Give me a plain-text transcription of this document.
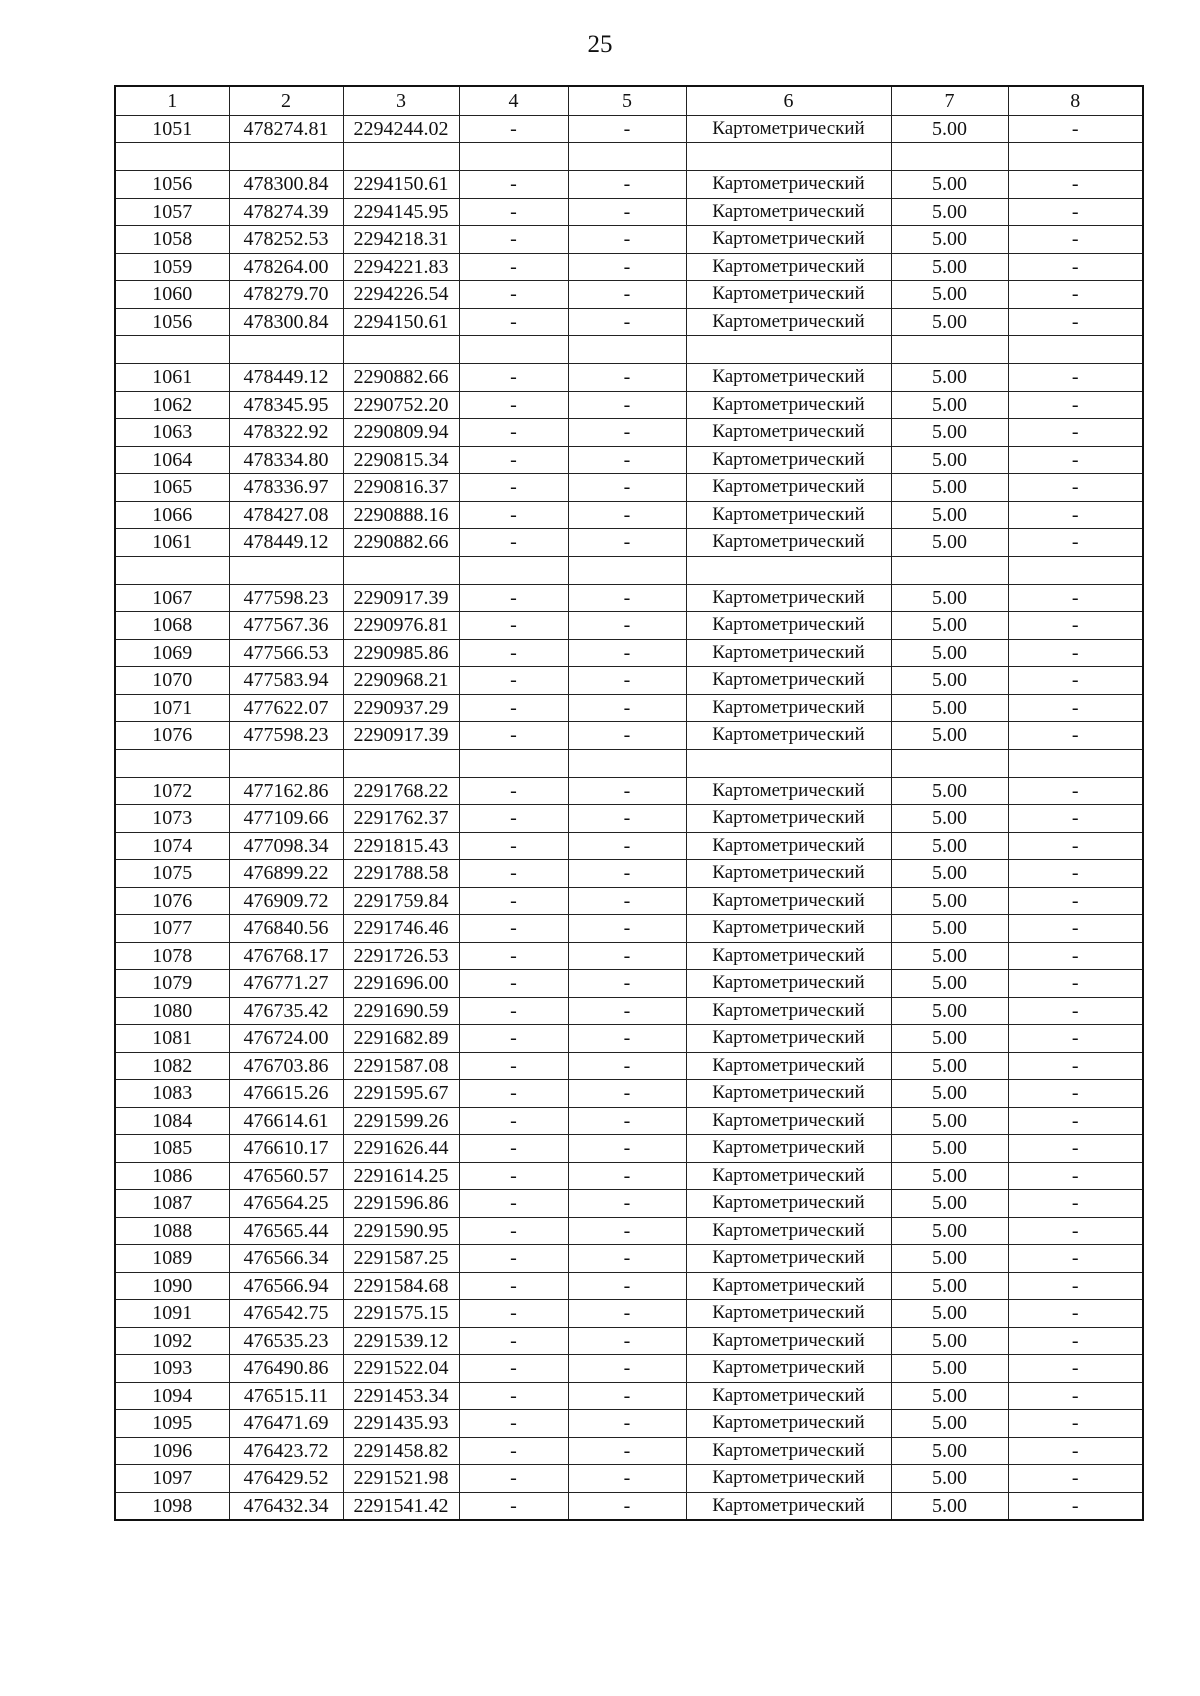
25
1	2	3	4	5	6	7	8
1051	478274.81	2294244.02	-	-	Картометрический	5.00	-

1056	478300.84	2294150.61	-	-	Картометрический	5.00	-
1057	478274.39	2294145.95	-	-	Картометрический	5.00	-
1058	478252.53	2294218.31	-	-	Картометрический	5.00	-
1059	478264.00	2294221.83	-	-	Картометрический	5.00	-
1060	478279.70	2294226.54	-	-	Картометрический	5.00	-
1056	478300.84	2294150.61	-	-	Картометрический	5.00	-

1061	478449.12	2290882.66	-	-	Картометрический	5.00	-
1062	478345.95	2290752.20	-	-	Картометрический	5.00	-
1063	478322.92	2290809.94	-	-	Картометрический	5.00	-
1064	478334.80	2290815.34	-	-	Картометрический	5.00	-
1065	478336.97	2290816.37	-	-	Картометрический	5.00	-
1066	478427.08	2290888.16	-	-	Картометрический	5.00	-
1061	478449.12	2290882.66	-	-	Картометрический	5.00	-

1067	477598.23	2290917.39	-	-	Картометрический	5.00	-
1068	477567.36	2290976.81	-	-	Картометрический	5.00	-
1069	477566.53	2290985.86	-	-	Картометрический	5.00	-
1070	477583.94	2290968.21	-	-	Картометрический	5.00	-
1071	477622.07	2290937.29	-	-	Картометрический	5.00	-
1076	477598.23	2290917.39	-	-	Картометрический	5.00	-

1072	477162.86	2291768.22	-	-	Картометрический	5.00	-
1073	477109.66	2291762.37	-	-	Картометрический	5.00	-
1074	477098.34	2291815.43	-	-	Картометрический	5.00	-
1075	476899.22	2291788.58	-	-	Картометрический	5.00	-
1076	476909.72	2291759.84	-	-	Картометрический	5.00	-
1077	476840.56	2291746.46	-	-	Картометрический	5.00	-
1078	476768.17	2291726.53	-	-	Картометрический	5.00	-
1079	476771.27	2291696.00	-	-	Картометрический	5.00	-
1080	476735.42	2291690.59	-	-	Картометрический	5.00	-
1081	476724.00	2291682.89	-	-	Картометрический	5.00	-
1082	476703.86	2291587.08	-	-	Картометрический	5.00	-
1083	476615.26	2291595.67	-	-	Картометрический	5.00	-
1084	476614.61	2291599.26	-	-	Картометрический	5.00	-
1085	476610.17	2291626.44	-	-	Картометрический	5.00	-
1086	476560.57	2291614.25	-	-	Картометрический	5.00	-
1087	476564.25	2291596.86	-	-	Картометрический	5.00	-
1088	476565.44	2291590.95	-	-	Картометрический	5.00	-
1089	476566.34	2291587.25	-	-	Картометрический	5.00	-
1090	476566.94	2291584.68	-	-	Картометрический	5.00	-
1091	476542.75	2291575.15	-	-	Картометрический	5.00	-
1092	476535.23	2291539.12	-	-	Картометрический	5.00	-
1093	476490.86	2291522.04	-	-	Картометрический	5.00	-
1094	476515.11	2291453.34	-	-	Картометрический	5.00	-
1095	476471.69	2291435.93	-	-	Картометрический	5.00	-
1096	476423.72	2291458.82	-	-	Картометрический	5.00	-
1097	476429.52	2291521.98	-	-	Картометрический	5.00	-
1098	476432.34	2291541.42	-	-	Картометрический	5.00	-
